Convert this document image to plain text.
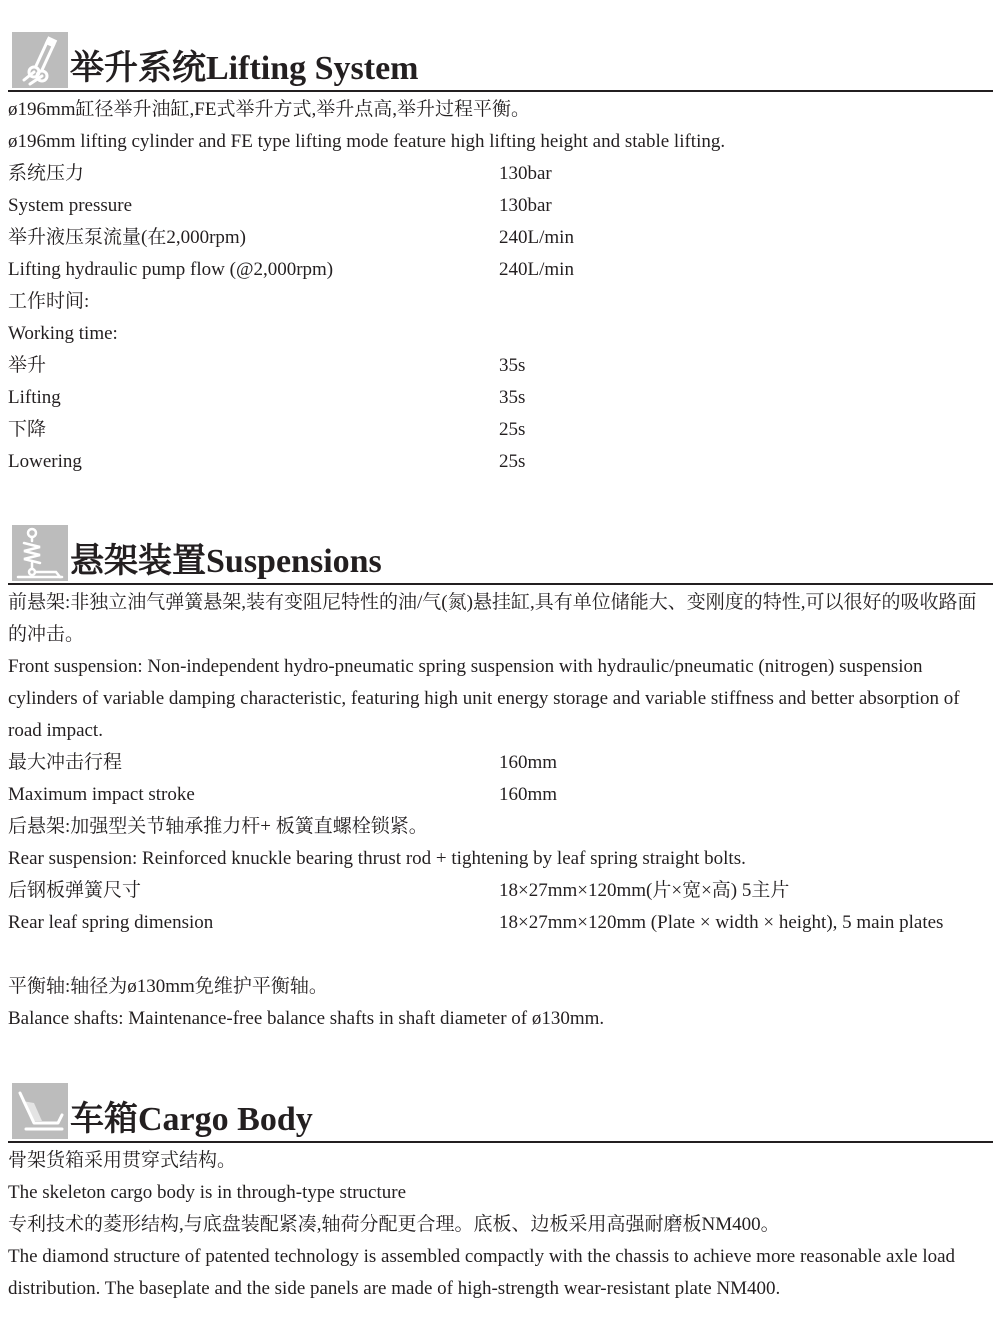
举升系统Lifting System
ø196mm缸径举升油缸,FE式举升方式,举升点高,举升过程平衡。
ø196mm lifting cylinder and FE type lifting mode feature high lifting height and stable lifting.
系统压力	130bar
System pressure	130bar
举升液压泵流量(在2,000rpm)	240L/min
Lifting hydraulic pump flow (@2,000rpm)	240L/min
工作时间:
Working time:
举升	35s
Lifting	35s
下降	25s
Lowering	25s
悬架装置Suspensions
前悬架:非独立油气弹簧悬架,装有变阻尼特性的油/气(氮)悬挂缸,具有单位储能大、变刚度的特性,可以很好的吸收路面的冲击。
Front suspension: Non-independent hydro-pneumatic spring suspension with hydraulic/pneumatic (nitrogen) suspension cylinders of variable damping characteristic, featuring high unit energy storage and variable stiffness and better absorption of road impact.
最大冲击行程	160mm
Maximum impact stroke	160mm
后悬架:加强型关节轴承推力杆+ 板簧直螺栓锁紧。
Rear suspension: Reinforced knuckle bearing thrust rod + tightening by leaf spring straight bolts.
后钢板弹簧尺寸	18×27mm×120mm(片×宽×高) 5主片
Rear leaf spring dimension	18×27mm×120mm (Plate × width × height), 5 main plates
平衡轴:轴径为ø130mm免维护平衡轴。
Balance shafts: Maintenance-free balance shafts in shaft diameter of ø130mm.
车箱Cargo Body
骨架货箱采用贯穿式结构。
The skeleton cargo body is in through-type structure
专利技术的菱形结构,与底盘装配紧凑,轴荷分配更合理。底板、边板采用高强耐磨板NM400。
The diamond structure of patented technology is assembled compactly with the chassis to achieve more reasonable axle load distribution. The baseplate and the side panels are made of high-strength wear-resistant plate NM400.
